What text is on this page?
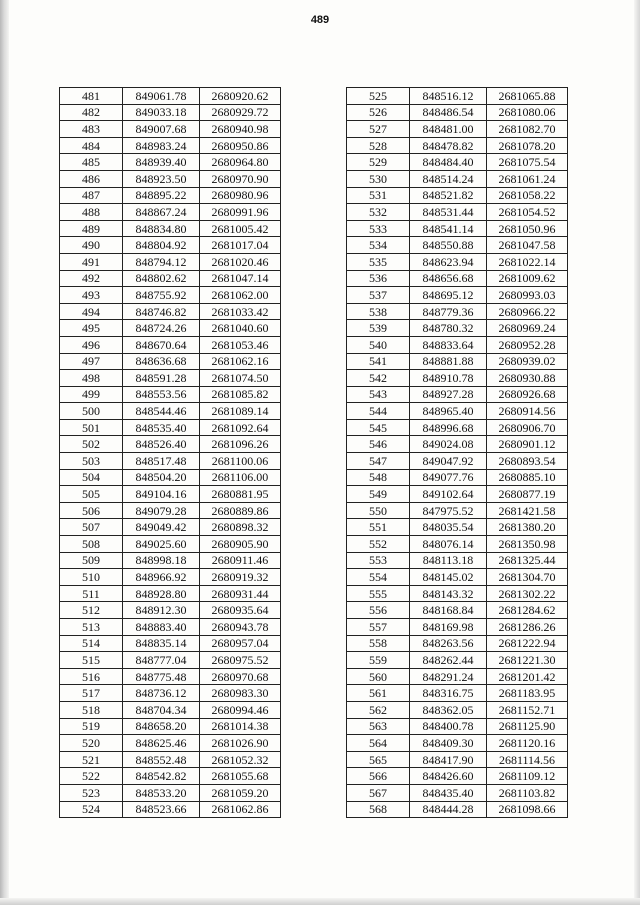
489
481	849061.78	2680920.62
482	849033.18	2680929.72
483	849007.68	2680940.98
484	848983.24	2680950.86
485	848939.40	2680964.80
486	848923.50	2680970.90
487	848895.22	2680980.96
488	848867.24	2680991.96
489	848834.80	2681005.42
490	848804.92	2681017.04
491	848794.12	2681020.46
492	848802.62	2681047.14
493	848755.92	2681062.00
494	848746.82	2681033.42
495	848724.26	2681040.60
496	848670.64	2681053.46
497	848636.68	2681062.16
498	848591.28	2681074.50
499	848553.56	2681085.82
500	848544.46	2681089.14
501	848535.40	2681092.64
502	848526.40	2681096.26
503	848517.48	2681100.06
504	848504.20	2681106.00
505	849104.16	2680881.95
506	849079.28	2680889.86
507	849049.42	2680898.32
508	849025.60	2680905.90
509	848998.18	2680911.46
510	848966.92	2680919.32
511	848928.80	2680931.44
512	848912.30	2680935.64
513	848883.40	2680943.78
514	848835.14	2680957.04
515	848777.04	2680975.52
516	848775.48	2680970.68
517	848736.12	2680983.30
518	848704.34	2680994.46
519	848658.20	2681014.38
520	848625.46	2681026.90
521	848552.48	2681052.32
522	848542.82	2681055.68
523	848533.20	2681059.20
524	848523.66	2681062.86
525	848516.12	2681065.88
526	848486.54	2681080.06
527	848481.00	2681082.70
528	848478.82	2681078.20
529	848484.40	2681075.54
530	848514.24	2681061.24
531	848521.82	2681058.22
532	848531.44	2681054.52
533	848541.14	2681050.96
534	848550.88	2681047.58
535	848623.94	2681022.14
536	848656.68	2681009.62
537	848695.12	2680993.03
538	848779.36	2680966.22
539	848780.32	2680969.24
540	848833.64	2680952.28
541	848881.88	2680939.02
542	848910.78	2680930.88
543	848927.28	2680926.68
544	848965.40	2680914.56
545	848996.68	2680906.70
546	849024.08	2680901.12
547	849047.92	2680893.54
548	849077.76	2680885.10
549	849102.64	2680877.19
550	847975.52	2681421.58
551	848035.54	2681380.20
552	848076.14	2681350.98
553	848113.18	2681325.44
554	848145.02	2681304.70
555	848143.32	2681302.22
556	848168.84	2681284.62
557	848169.98	2681286.26
558	848263.56	2681222.94
559	848262.44	2681221.30
560	848291.24	2681201.42
561	848316.75	2681183.95
562	848362.05	2681152.71
563	848400.78	2681125.90
564	848409.30	2681120.16
565	848417.90	2681114.56
566	848426.60	2681109.12
567	848435.40	2681103.82
568	848444.28	2681098.66
